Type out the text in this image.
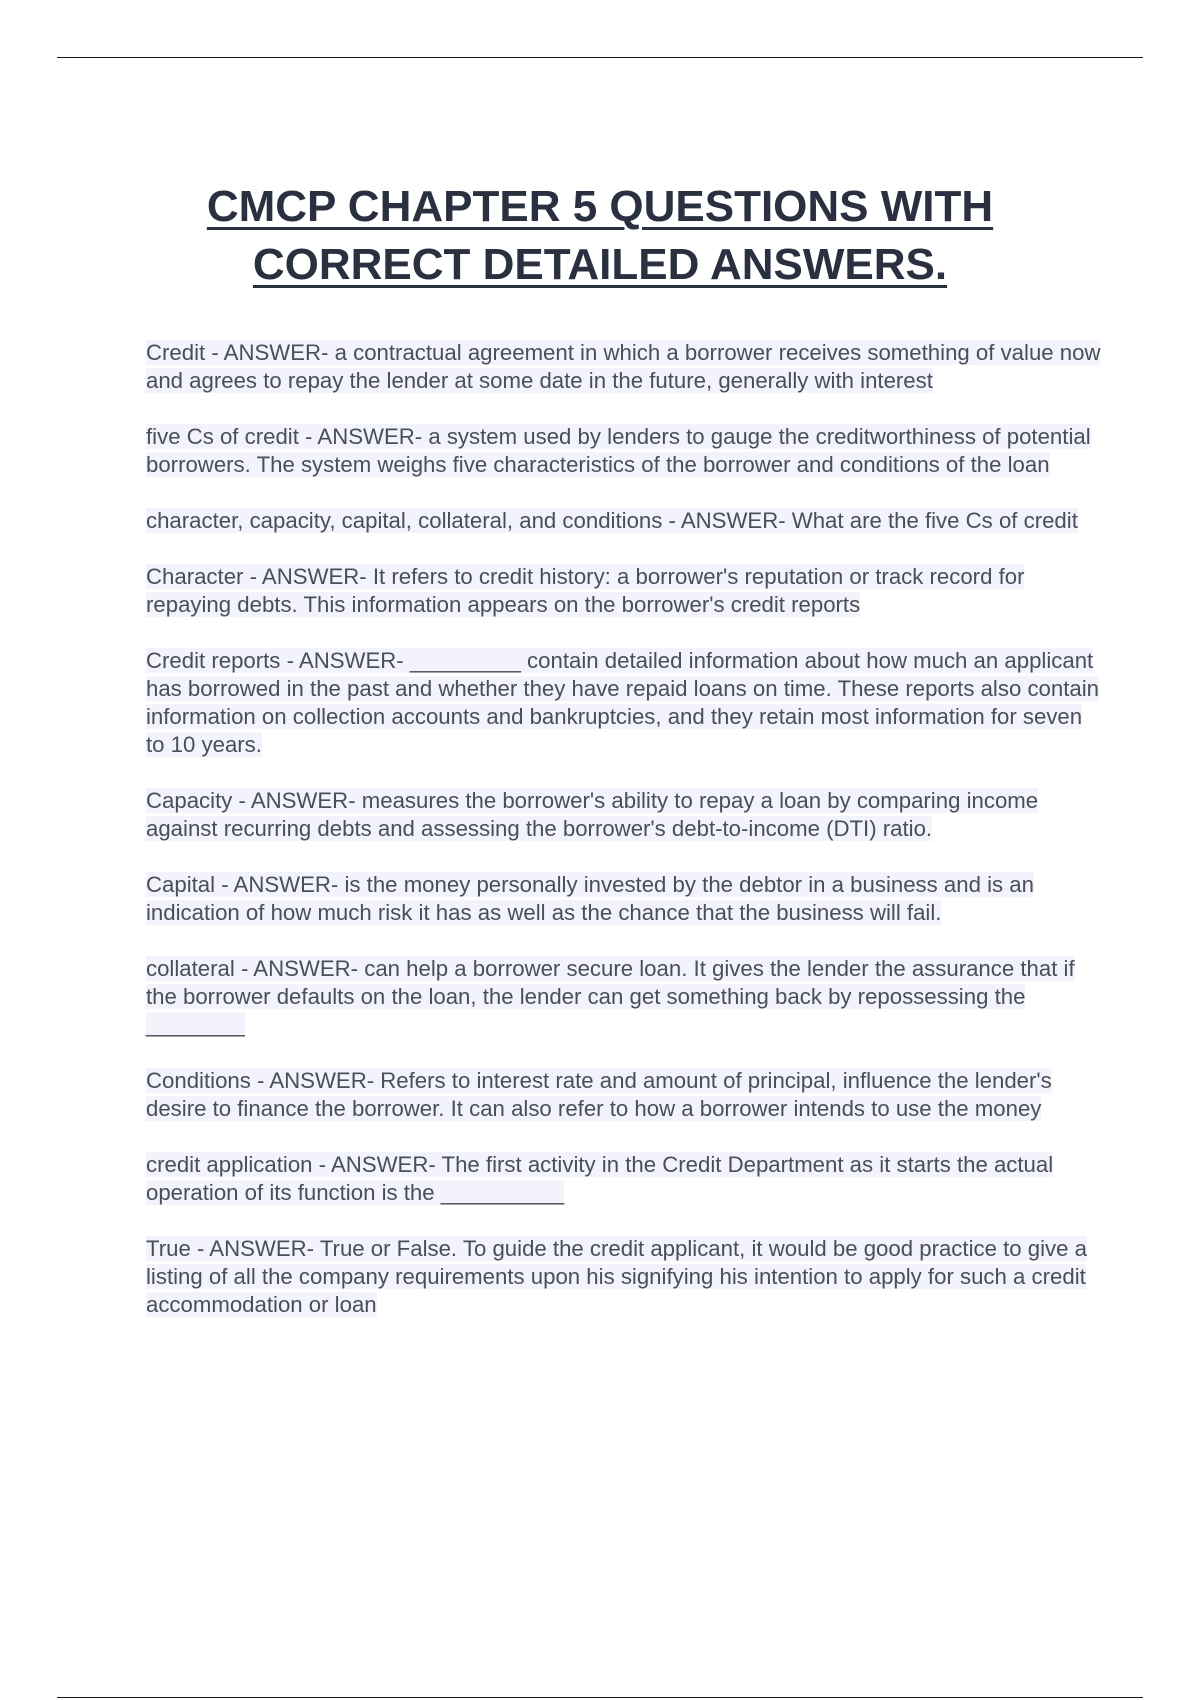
CMCP CHAPTER 5 QUESTIONS WITH
CORRECT DETAILED ANSWERS.

Credit - ANSWER- a contractual agreement in which a borrower receives something of value now and agrees to repay the lender at some date in the future, generally with interest

five Cs of credit - ANSWER- a system used by lenders to gauge the creditworthiness of potential borrowers. The system weighs five characteristics of the borrower and conditions of the loan

character, capacity, capital, collateral, and conditions - ANSWER- What are the five Cs of credit

Character - ANSWER- It refers to credit history: a borrower's reputation or track record for repaying debts. This information appears on the borrower's credit reports

Credit reports - ANSWER- _________ contain detailed information about how much an applicant has borrowed in the past and whether they have repaid loans on time. These reports also contain information on collection accounts and bankruptcies, and they retain most information for seven to 10 years.

Capacity - ANSWER- measures the borrower's ability to repay a loan by comparing income against recurring debts and assessing the borrower's debt-to-income (DTI) ratio.

Capital - ANSWER- is the money personally invested by the debtor in a business and is an indication of how much risk it has as well as the chance that the business will fail.

collateral - ANSWER- can help a borrower secure loan. It gives the lender the assurance that if the borrower defaults on the loan, the lender can get something back by repossessing the ________

Conditions - ANSWER- Refers to interest rate and amount of principal, influence the lender's desire to finance the borrower. It can also refer to how a borrower intends to use the money

credit application - ANSWER- The first activity in the Credit Department as it starts the actual operation of its function is the __________

True - ANSWER- True or False. To guide the credit applicant, it would be good practice to give a listing of all the company requirements upon his signifying his intention to apply for such a credit accommodation or loan
